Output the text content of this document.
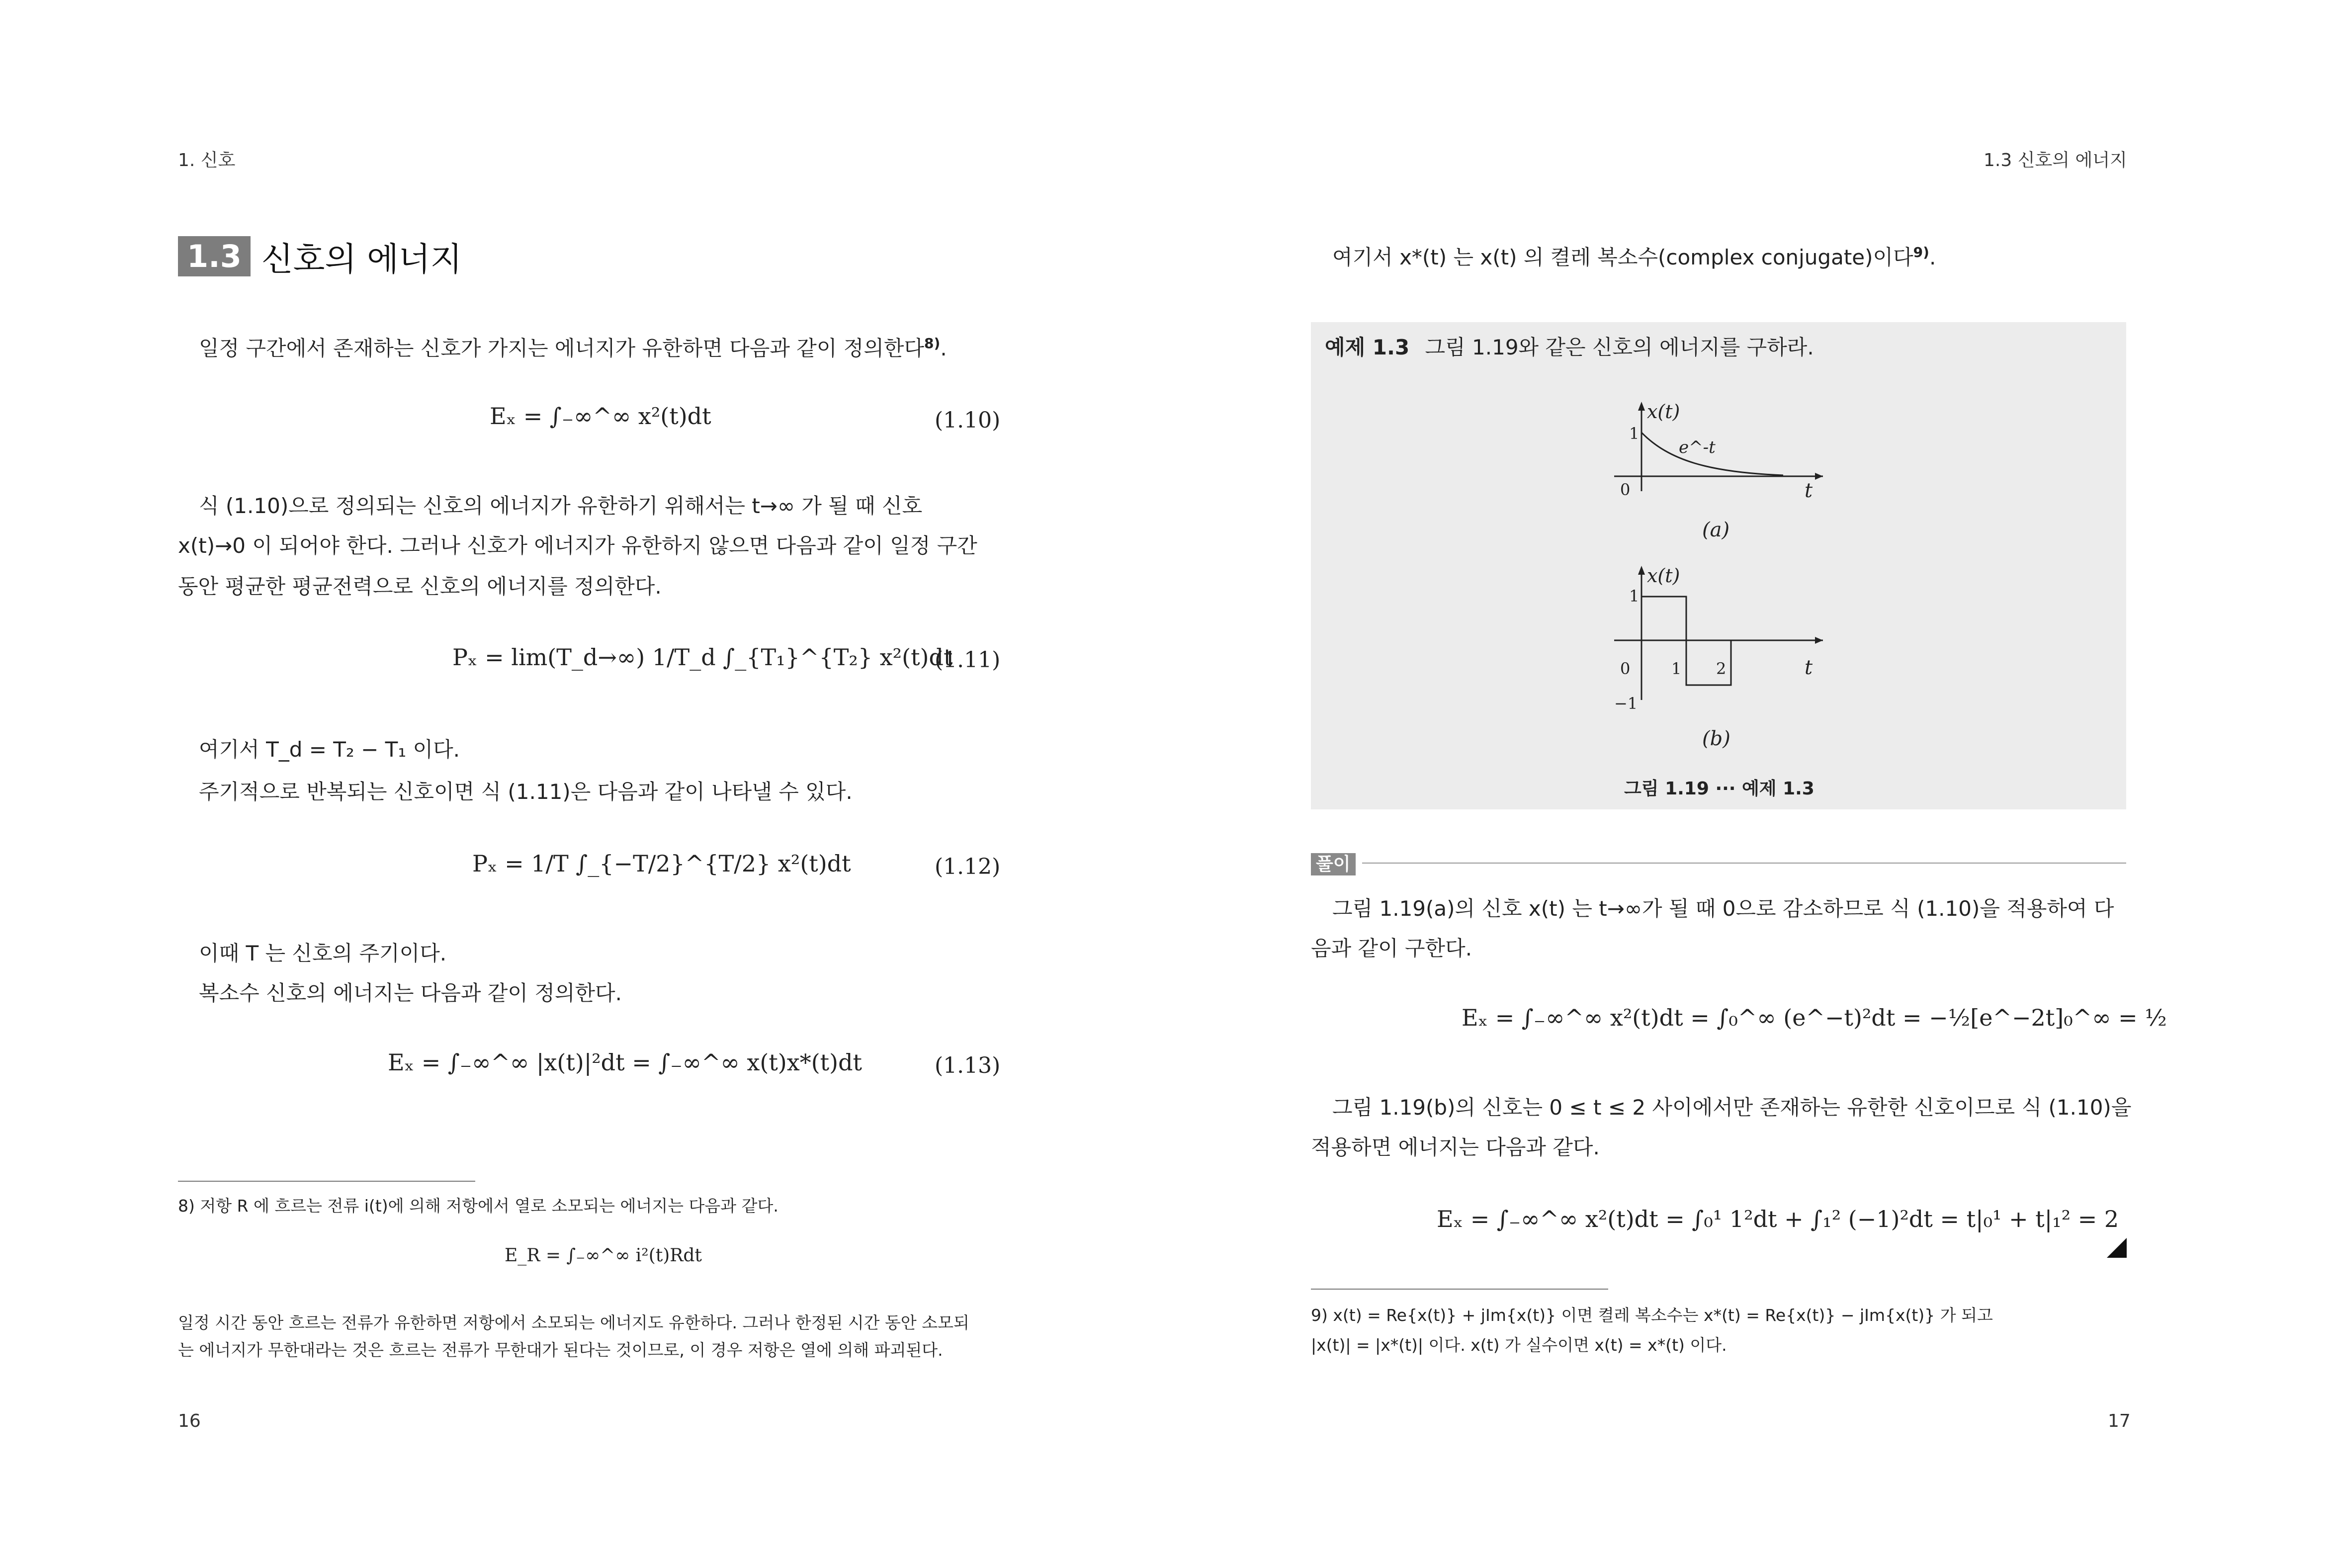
1. 신호	1.3 신호의 에너지
1.3 신호의 에너지
일정 구간에서 존재하는 신호가 가지는 에너지가 유한하면 다음과 같이 정의한다$^{8)}$.
Eₓ = ∫₋∞^∞ x²(t)dt	(1.10)
식 (1.10)으로 정의되는 신호의 에너지가 유한하기 위해서는 t→∞ 가 될 때 신호
x(t)→0 이 되어야 한다. 그러나 신호가 에너지가 유한하지 않으면 다음과 같이 일정 구간
동안 평균한 평균전력으로 신호의 에너지를 정의한다.
Pₓ = lim(T_d→∞) 1/T_d ∫_{T₁}^{T₂} x²(t)dt
(1.11)
여기서 T_d = T₂ − T₁ 이다.
주기적으로 반복되는 신호이면 식 (1.11)은 다음과 같이 나타낼 수 있다.
Pₓ = 1/T ∫_{−T/2}^{T/2} x²(t)dt	(1.12)
이때 T 는 신호의 주기이다.
복소수 신호의 에너지는 다음과 같이 정의한다.
Eₓ = ∫₋∞^∞ |x(t)|²dt = ∫₋∞^∞ x(t)x*(t)dt	(1.13)
8) 저항 R 에 흐르는 전류 i(t)에 의해 저항에서 열로 소모되는 에너지는 다음과 같다.
E_R = ∫₋∞^∞ i²(t)Rdt
일정 시간 동안 흐르는 전류가 유한하면 저항에서 소모되는 에너지도 유한하다. 그러나 한정된 시간 동안 소모되
는 에너지가 무한대라는 것은 흐르는 전류가 무한대가 된다는 것이므로, 이 경우 저항은 열에 의해 파괴된다.
16
여기서 x*(t) 는 x(t) 의 켤레 복소수(complex conjugate)이다$^{9)}$.
예제 1.3 그림 1.19와 같은 신호의 에너지를 구하라.
x(t)
1
e^-t
0	t
(a)
x(t)
1
0	1 2
−1
t
(b)
그림 1.19 ··· 예제 1.3
풀이
그림 1.19(a)의 신호 x(t) 는 t→∞가 될 때 0으로 감소하므로 식 (1.10)을 적용하여 다
음과 같이 구한다.
Eₓ = ∫₋∞^∞ x²(t)dt = ∫₀^∞ (e^−t)²dt = −½[e^−2t]₀^∞ = ½
그림 1.19(b)의 신호는 0 ≤ t ≤ 2 사이에서만 존재하는 유한한 신호이므로 식 (1.10)을
적용하면 에너지는 다음과 같다.
Eₓ = ∫₋∞^∞ x²(t)dt = ∫₀¹ 1²dt + ∫₁² (−1)²dt = t|₀¹ + t|₁² = 2
9) x(t) = Re{x(t)} + jIm{x(t)} 이면 켤레 복소수는 x*(t) = Re{x(t)} − jIm{x(t)} 가 되고
|x(t)| = |x*(t)| 이다. x(t) 가 실수이면 x(t) = x*(t) 이다.
17
